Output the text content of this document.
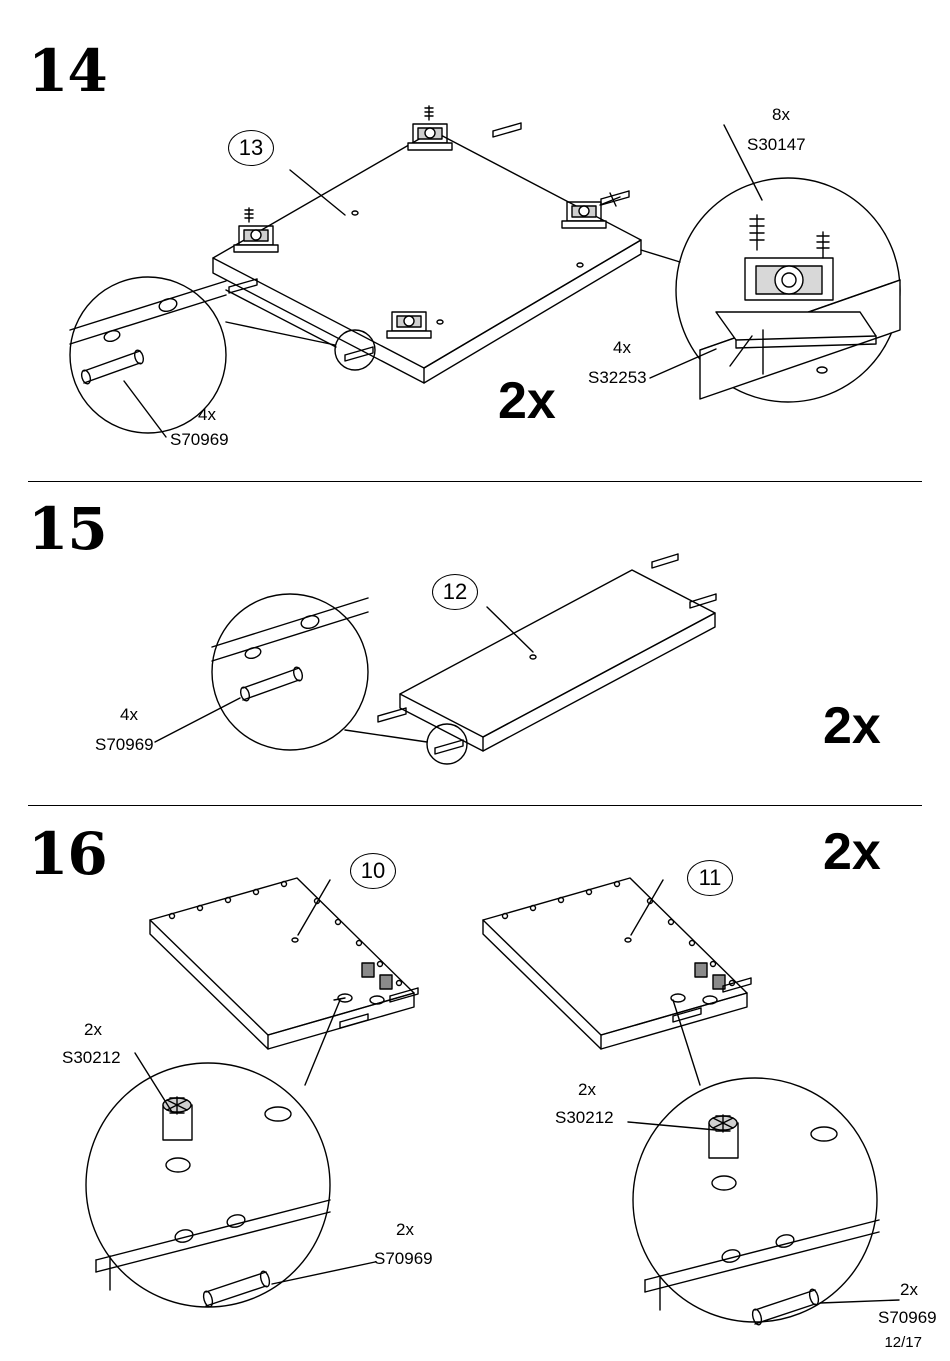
14
13
8x
S30147
4x
S32253
4x
S70969
2x
15
12
4x
S70969	2x
16	2x
10	11
2x
S30212
2x
S70969
2x
S30212
2x
S70969
12/17
